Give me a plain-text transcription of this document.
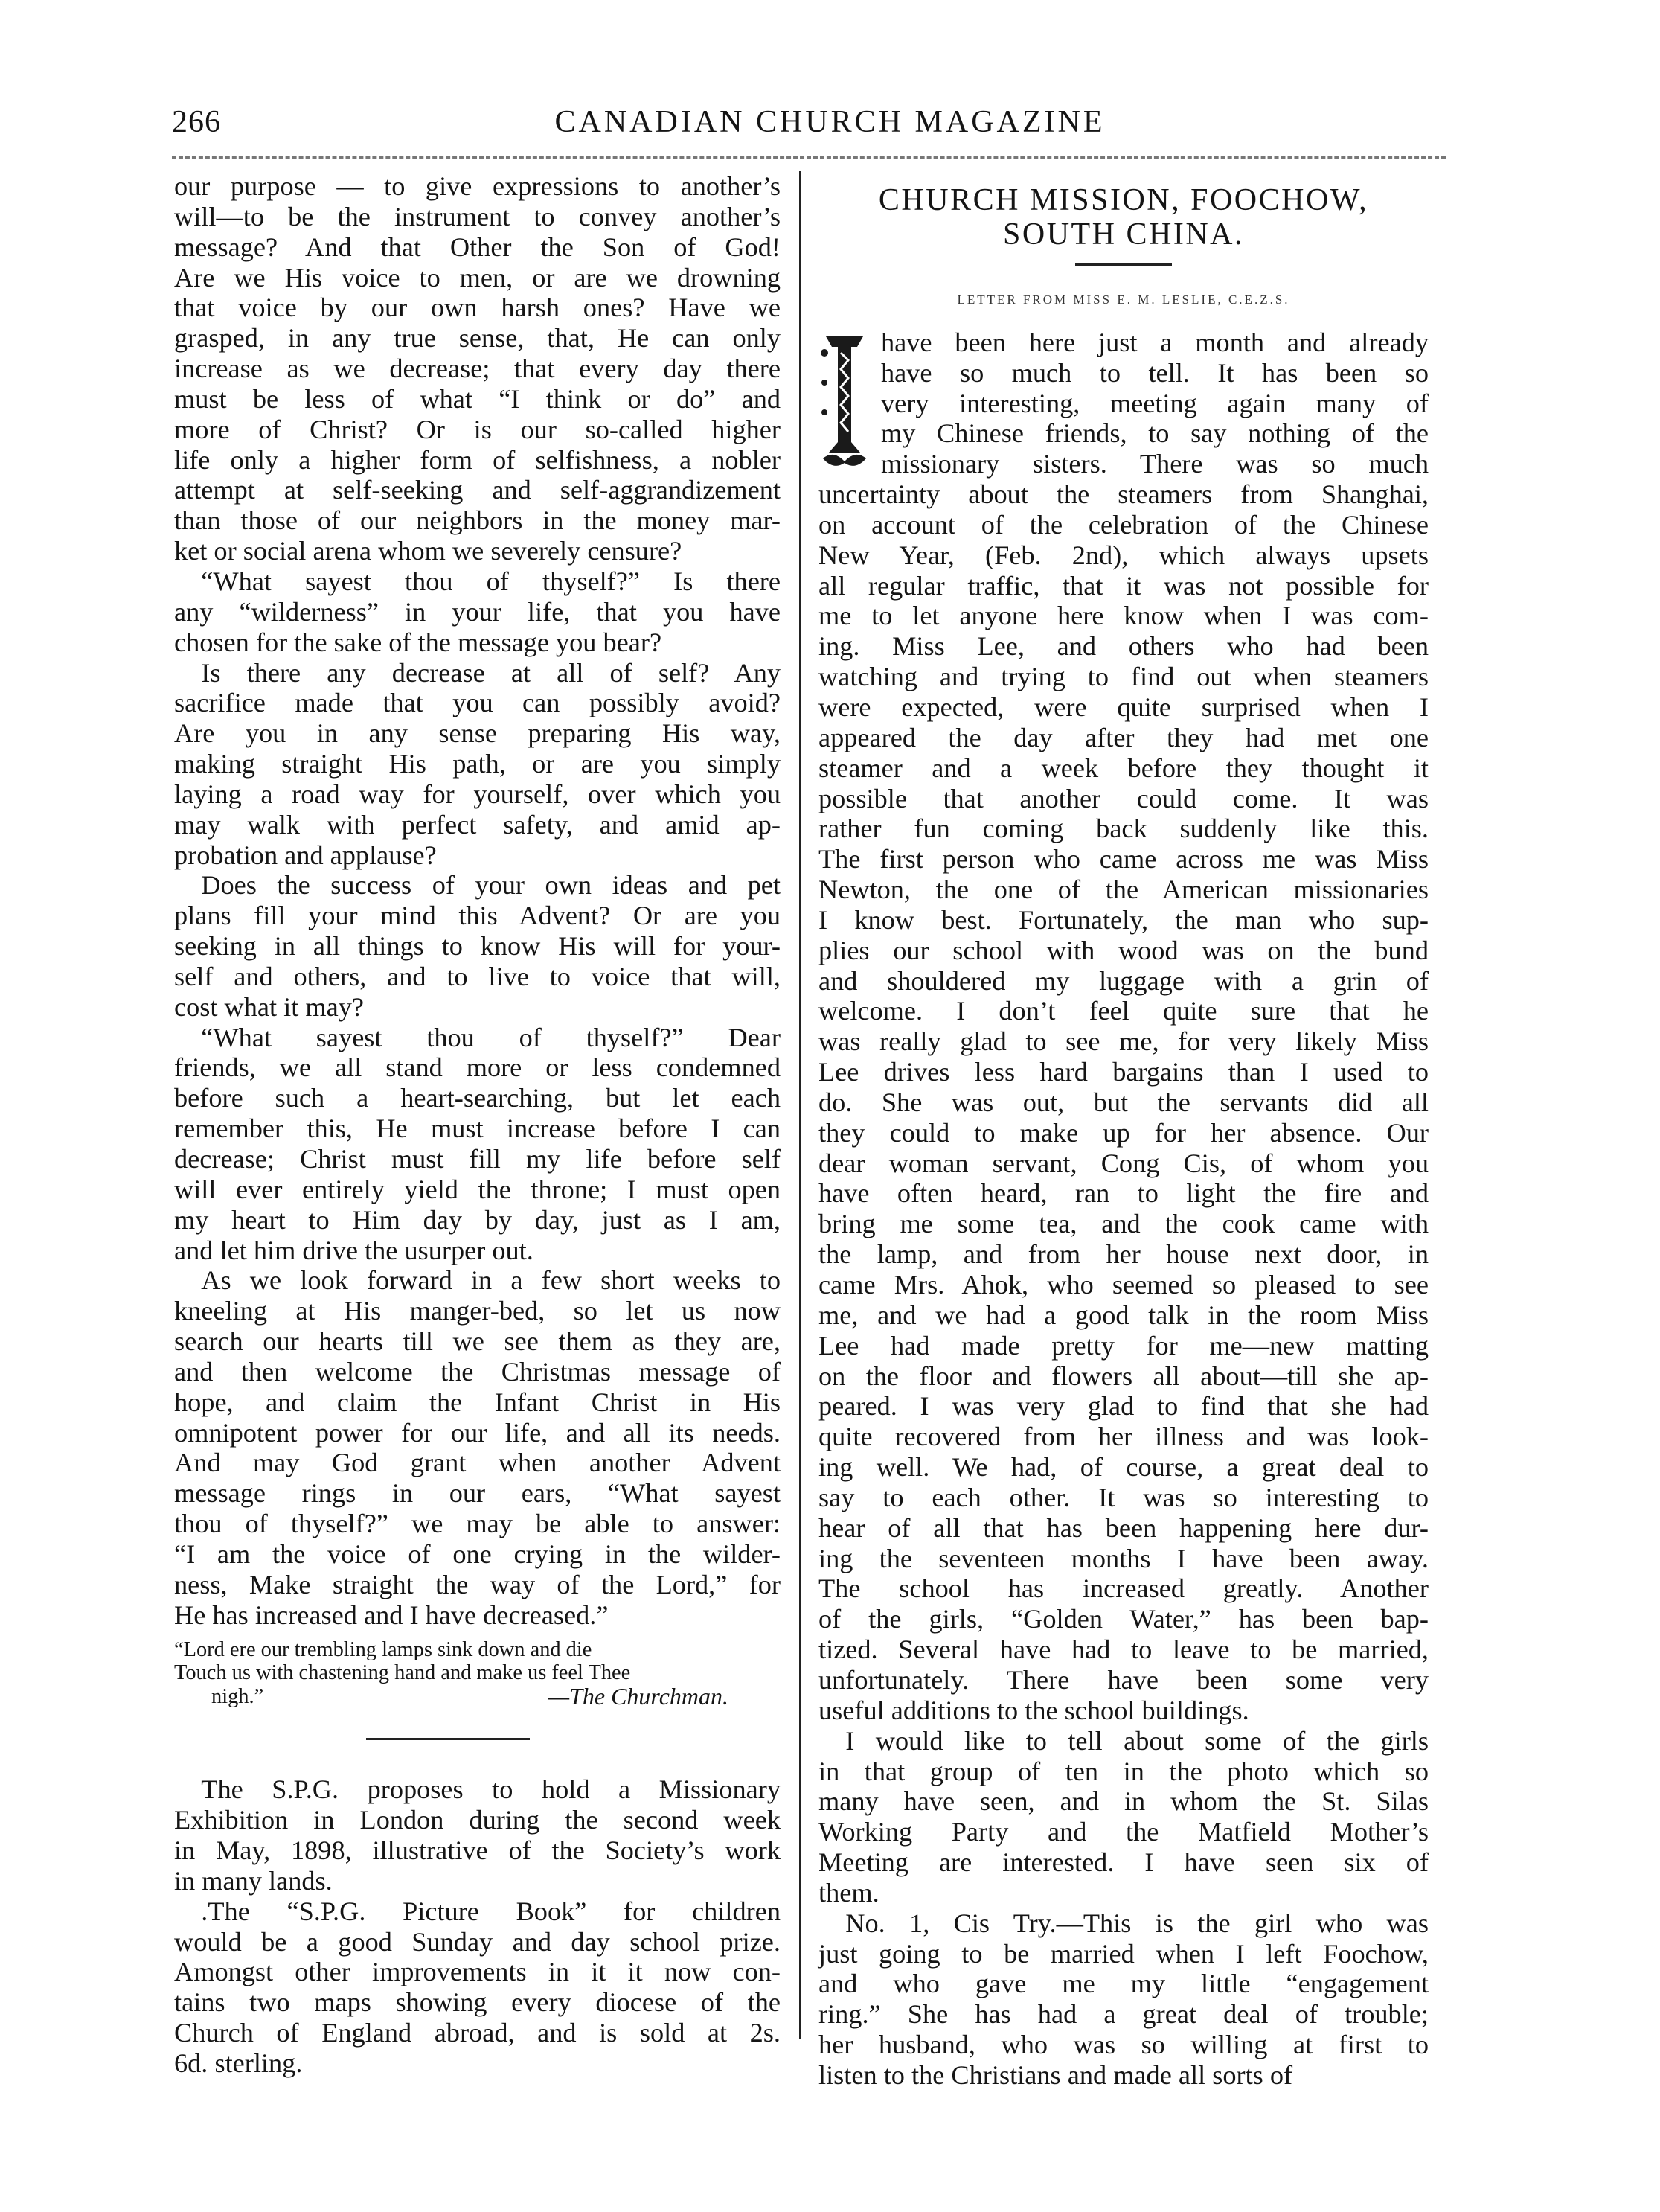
266	CANADIAN CHURCH MAGAZINE

our purpose — to give expressions to another’s

will—to be the instrument to convey another’s

message? And that Other the Son of God!

Are we His voice to men, or are we drowning

that voice by our own harsh ones? Have we

grasped, in any true sense, that, He can only

increase as we decrease; that every day there

must be less of what “I think or do” and

more of Christ? Or is our so-called higher

life only a higher form of selfishness, a nobler

attempt at self-seeking and self-aggrandizement

than those of our neighbors in the money mar-

ket or social arena whom we severely censure?

“What sayest thou of thyself?” Is there

any “wilderness” in your life, that you have

chosen for the sake of the message you bear?

Is there any decrease at all of self? Any

sacrifice made that you can possibly avoid?

Are you in any sense preparing His way,

making straight His path, or are you simply

laying a road way for yourself, over which you

may walk with perfect safety, and amid ap-

probation and applause?

Does the success of your own ideas and pet

plans fill your mind this Advent? Or are you

seeking in all things to know His will for your-

self and others, and to live to voice that will,

cost what it may?

“What sayest thou of thyself?” Dear

friends, we all stand more or less condemned

before such a heart-searching, but let each

remember this, He must increase before I can

decrease; Christ must fill my life before self

will ever entirely yield the throne; I must open

my heart to Him day by day, just as I am,

and let him drive the usurper out.

As we look forward in a few short weeks to

kneeling at His manger-bed, so let us now

search our hearts till we see them as they are,

and then welcome the Christmas message of

hope, and claim the Infant Christ in His

omnipotent power for our life, and all its needs.

And may God grant when another Advent

message rings in our ears, “What sayest

thou of thyself?” we may be able to answer:

“I am the voice of one crying in the wilder-

ness, Make straight the way of the Lord,” for

He has increased and I have decreased.”

“Lord ere our trembling lamps sink down and die
Touch us with chastening hand and make us feel Thee
nigh.”	—The Churchman.

The S.P.G. proposes to hold a Missionary

Exhibition in London during the second week

in May, 1898, illustrative of the Society’s work

in many lands.

.The “S.P.G. Picture Book” for children

would be a good Sunday and day school prize.

Amongst other improvements in it it now con-

tains two maps showing every diocese of the

Church of England abroad, and is sold at 2s.

6d. sterling.

CHURCH MISSION, FOOCHOW,
SOUTH CHINA.
LETTER FROM MISS E. M. LESLIE, C.E.Z.S.

have been here just a month and already

have so much to tell. It has been so

very interesting, meeting again many of

my Chinese friends, to say nothing of the

missionary sisters. There was so much

uncertainty about the steamers from Shanghai,

on account of the celebration of the Chinese

New Year, (Feb. 2nd), which always upsets

all regular traffic, that it was not possible for

me to let anyone here know when I was com-

ing. Miss Lee, and others who had been

watching and trying to find out when steamers

were expected, were quite surprised when I

appeared the day after they had met one

steamer and a week before they thought it

possible that another could come. It was

rather fun coming back suddenly like this.

The first person who came across me was Miss

Newton, the one of the American missionaries

I know best. Fortunately, the man who sup-

plies our school with wood was on the bund

and shouldered my luggage with a grin of

welcome. I don’t feel quite sure that he

was really glad to see me, for very likely Miss

Lee drives less hard bargains than I used to

do. She was out, but the servants did all

they could to make up for her absence. Our

dear woman servant, Cong Cis, of whom you

have often heard, ran to light the fire and

bring me some tea, and the cook came with

the lamp, and from her house next door, in

came Mrs. Ahok, who seemed so pleased to see

me, and we had a good talk in the room Miss

Lee had made pretty for me—new matting

on the floor and flowers all about—till she ap-

peared. I was very glad to find that she had

quite recovered from her illness and was look-

ing well. We had, of course, a great deal to

say to each other. It was so interesting to

hear of all that has been happening here dur-

ing the seventeen months I have been away.

The school has increased greatly. Another

of the girls, “Golden Water,” has been bap-

tized. Several have had to leave to be married,

unfortunately. There have been some very

useful additions to the school buildings.

I would like to tell about some of the girls

in that group of ten in the photo which so

many have seen, and in whom the St. Silas

Working Party and the Matfield Mother’s

Meeting are interested. I have seen six of

them.

No. 1, Cis Try.—This is the girl who was

just going to be married when I left Foochow,

and who gave me my little “engagement

ring.” She has had a great deal of trouble;

her husband, who was so willing at first to

listen to the Christians and made all sorts of
